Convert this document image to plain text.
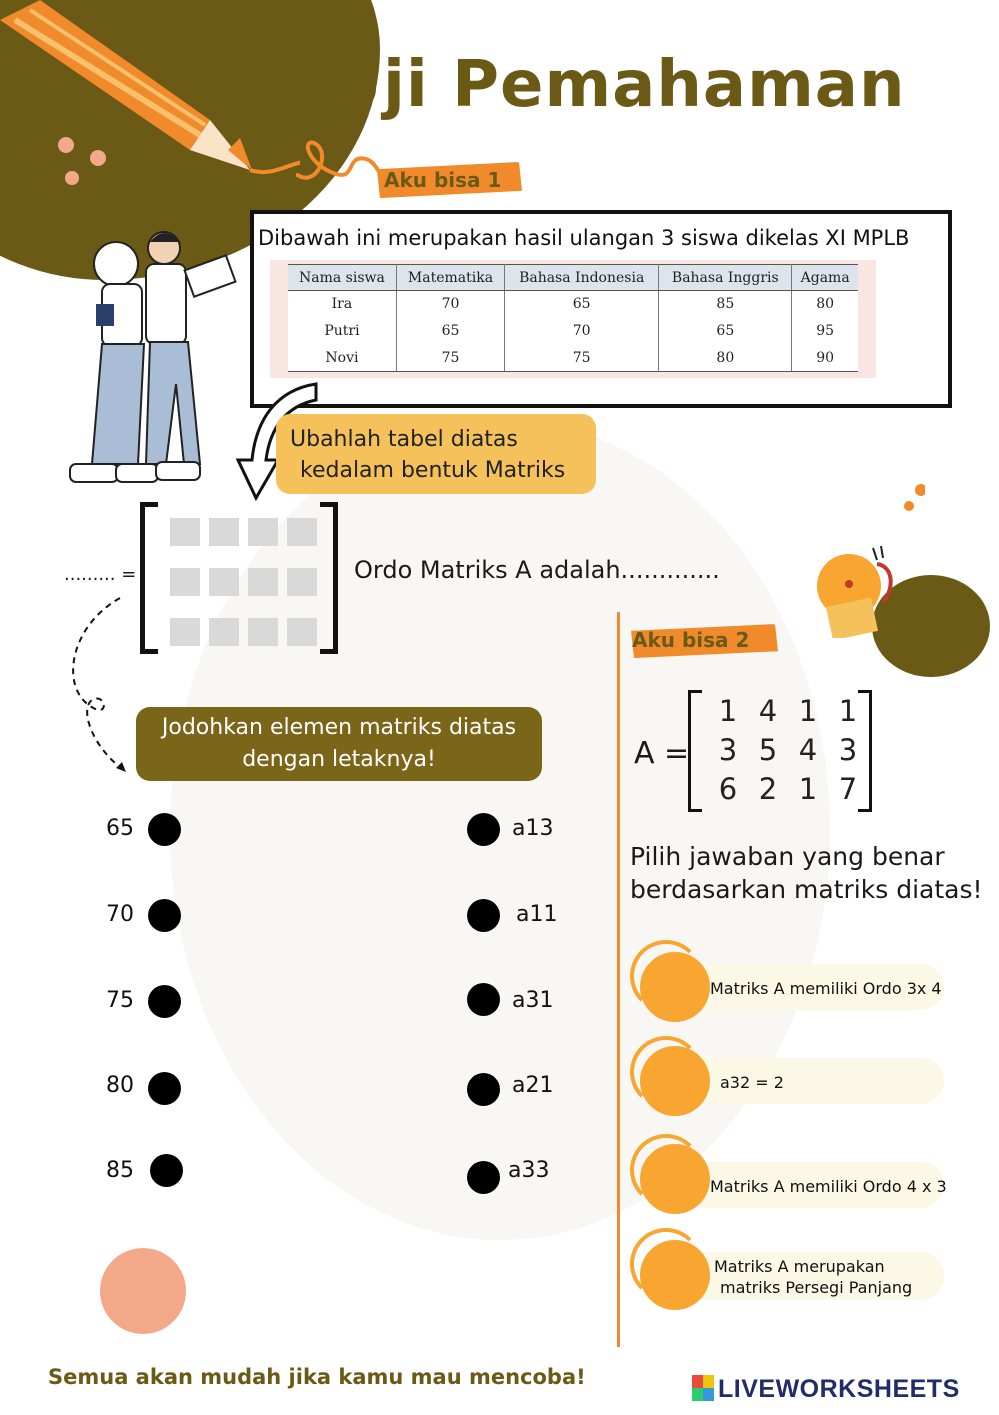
Uji Pemahaman
Aku bisa 1
Dibawah ini merupakan hasil ulangan 3 siswa dikelas XI MPLB
Nama siswa	Matematika	Bahasa Indonesia	Bahasa Inggris	Agama
Ira	70	65	85	80
Putri	65	70	65	95
Novi	75	75	80	90
Ubahlah tabel diatas
kedalam bentuk Matriks
......... =	Ordo Matriks A adalah.............
Jodohkan elemen matriks diatas
dengan letaknya!
65
70
75
80
85
a13
a11
a31
a21
a33
Aku bisa 2
A =
1 4 1 1
3 5 4 3
6 2 1 7
Pilih jawaban yang benar
berdasarkan matriks diatas!
Matriks A memiliki Ordo 3x 4
a32 = 2
Matriks A memiliki Ordo 4 x 3
Matriks A merupakan
matriks Persegi Panjang
Semua akan mudah jika kamu mau mencoba!	LIVEWORKSHEETS
